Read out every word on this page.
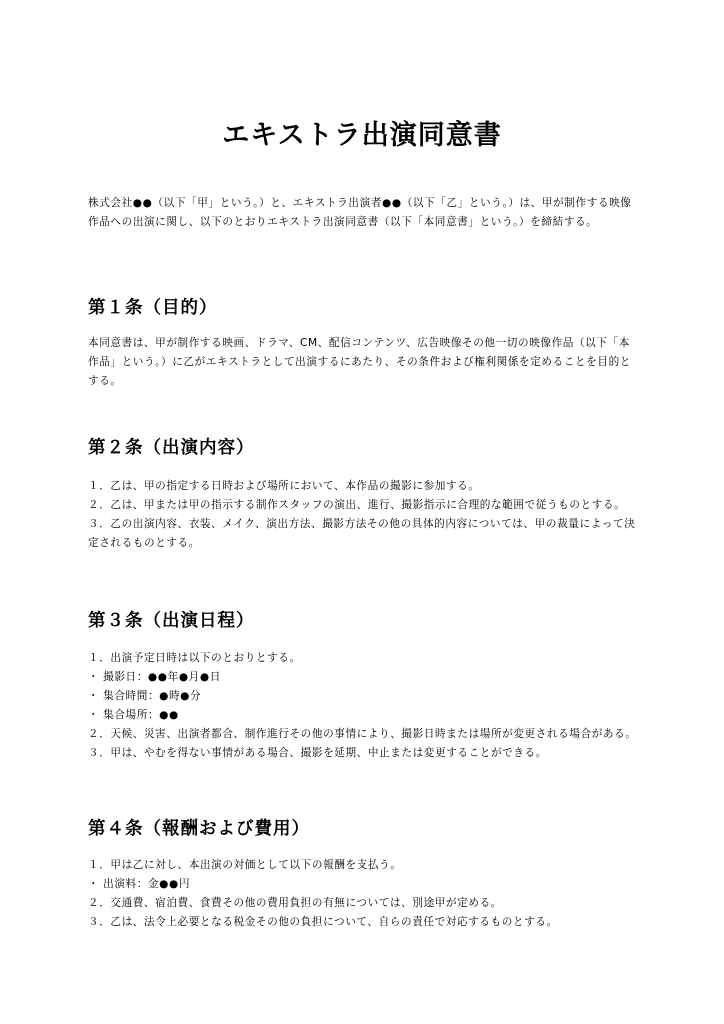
エキストラ出演同意書
株式会社●●（以下「甲」という。）と、エキストラ出演者●●（以下「乙」という。）は、甲が制作する映像作品への出演に関し、以下のとおりエキストラ出演同意書（以下「本同意書」という。）を締結する。
第１条（目的）
本同意書は、甲が制作する映画、ドラマ、CM、配信コンテンツ、広告映像その他一切の映像作品（以下「本作品」という。）に乙がエキストラとして出演するにあたり、その条件および権利関係を定めることを目的とする。
第２条（出演内容）
１．乙は、甲の指定する日時および場所において、本作品の撮影に参加する。
２．乙は、甲または甲の指示する制作スタッフの演出、進行、撮影指示に合理的な範囲で従うものとする。
３．乙の出演内容、衣装、メイク、演出方法、撮影方法その他の具体的内容については、甲の裁量によって決定されるものとする。
第３条（出演日程）
１．出演予定日時は以下のとおりとする。
・ 撮影日：●●年●月●日
・ 集合時間：●時●分
・ 集合場所：●●
２．天候、災害、出演者都合、制作進行その他の事情により、撮影日時または場所が変更される場合がある。
３．甲は、やむを得ない事情がある場合、撮影を延期、中止または変更することができる。
第４条（報酬および費用）
１．甲は乙に対し、本出演の対価として以下の報酬を支払う。
・ 出演料：金●●円
２．交通費、宿泊費、食費その他の費用負担の有無については、別途甲が定める。
３．乙は、法令上必要となる税金その他の負担について、自らの責任で対応するものとする。
